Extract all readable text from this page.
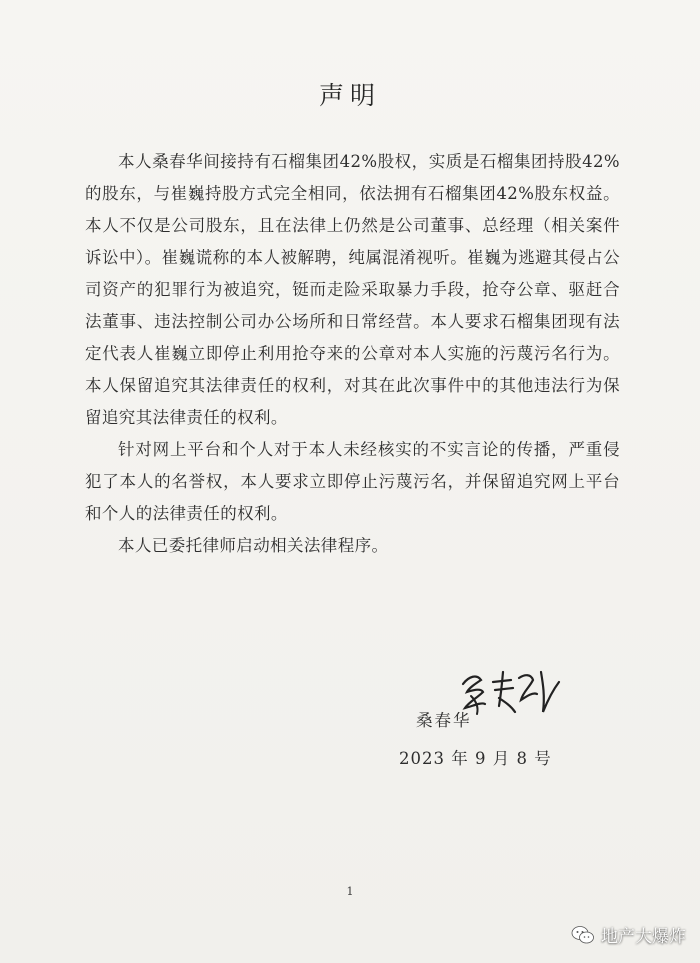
声明

本人桑春华间接持有石榴集团42%股权，实质是石榴集团持股42%的股东，与崔巍持股方式完全相同，依法拥有石榴集团42%股东权益。本人不仅是公司股东，且在法律上仍然是公司董事、总经理（相关案件诉讼中）。崔巍谎称的本人被解聘，纯属混淆视听。崔巍为逃避其侵占公司资产的犯罪行为被追究，铤而走险采取暴力手段，抢夺公章、驱赶合法董事、违法控制公司办公场所和日常经营。本人要求石榴集团现有法定代表人崔巍立即停止利用抢夺来的公章对本人实施的污蔑污名行为。本人保留追究其法律责任的权利，对其在此次事件中的其他违法行为保留追究其法律责任的权利。

针对网上平台和个人对于本人未经核实的不实言论的传播，严重侵犯了本人的名誉权，本人要求立即停止污蔑污名，并保留追究网上平台和个人的法律责任的权利。

本人已委托律师启动相关法律程序。

桑春华
2023 年 9 月 8 号
1
地产大爆炸
